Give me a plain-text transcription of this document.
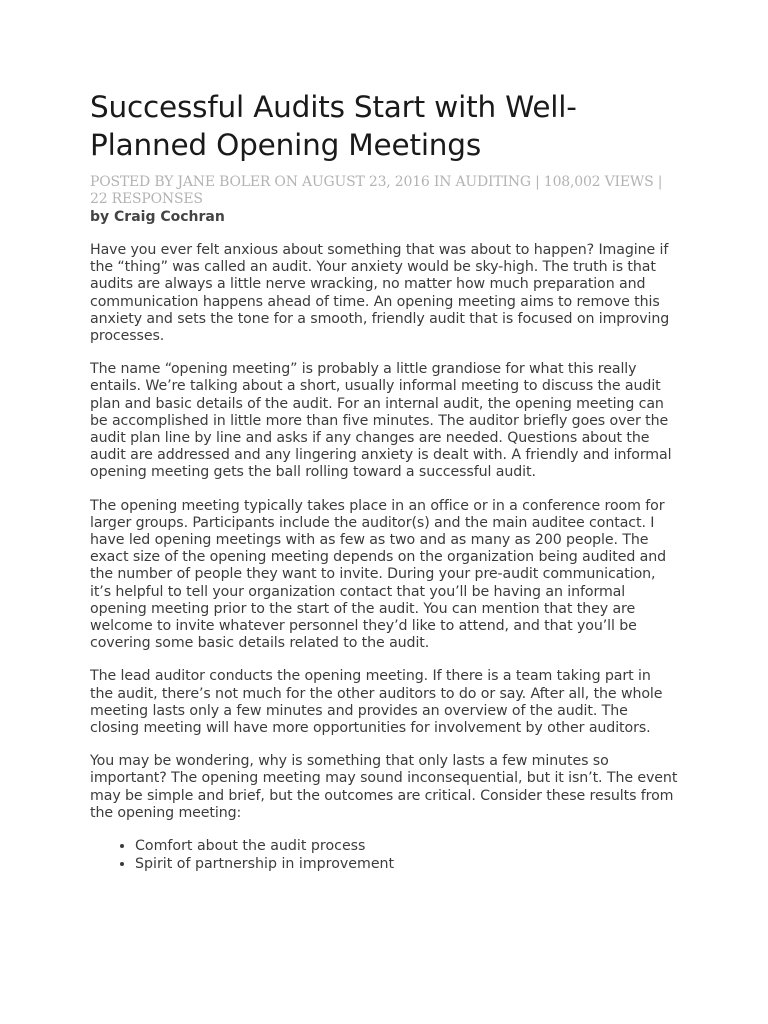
Successful Audits Start with Well-Planned Opening Meetings
POSTED BY JANE BOLER ON AUGUST 23, 2016 IN AUDITING | 108,002 VIEWS | 22 RESPONSES
by Craig Cochran

Have you ever felt anxious about something that was about to happen? Imagine if the “thing” was called an audit. Your anxiety would be sky-high. The truth is that audits are always a little nerve wracking, no matter how much preparation and communication happens ahead of time. An opening meeting aims to remove this anxiety and sets the tone for a smooth, friendly audit that is focused on improving processes.

The name “opening meeting” is probably a little grandiose for what this really entails. We’re talking about a short, usually informal meeting to discuss the audit plan and basic details of the audit. For an internal audit, the opening meeting can be accomplished in little more than five minutes. The auditor briefly goes over the audit plan line by line and asks if any changes are needed. Questions about the audit are addressed and any lingering anxiety is dealt with. A friendly and informal opening meeting gets the ball rolling toward a successful audit.

The opening meeting typically takes place in an office or in a conference room for larger groups. Participants include the auditor(s) and the main auditee contact. I have led opening meetings with as few as two and as many as 200 people. The exact size of the opening meeting depends on the organization being audited and the number of people they want to invite. During your pre-audit communication, it’s helpful to tell your organization contact that you’ll be having an informal opening meeting prior to the start of the audit. You can mention that they are welcome to invite whatever personnel they’d like to attend, and that you’ll be covering some basic details related to the audit.

The lead auditor conducts the opening meeting. If there is a team taking part in the audit, there’s not much for the other auditors to do or say. After all, the whole meeting lasts only a few minutes and provides an overview of the audit. The closing meeting will have more opportunities for involvement by other auditors.

You may be wondering, why is something that only lasts a few minutes so important? The opening meeting may sound inconsequential, but it isn’t. The event may be simple and brief, but the outcomes are critical. Consider these results from the opening meeting:

• Comfort about the audit process
• Spirit of partnership in improvement
